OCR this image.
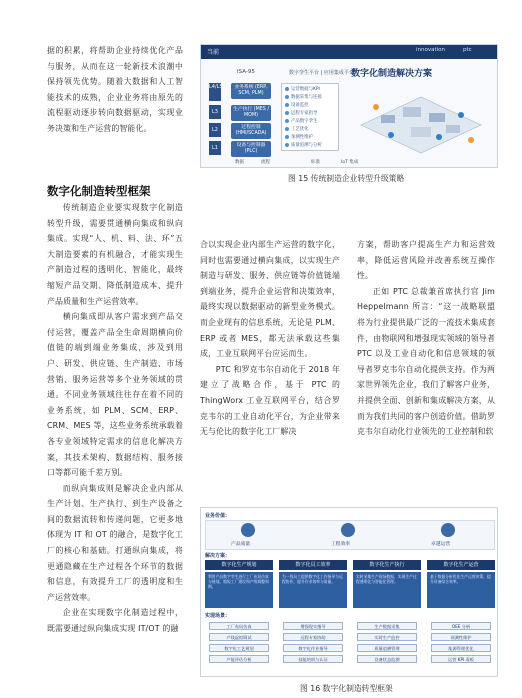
据的积累，将帮助企业持续优化产品与服务，从而在这一轮新技术浪潮中保持领先优势。随着大数据和人工智能技术的成熟，企业业务将由原先的流程驱动逐步转向数据驱动，实现业务决策和生产运营的智能化。

数字化制造转型框架

传统制造企业要实现数字化制造转型升级，需要贯通横向集成和纵向集成。实现“人、机、料、法、环”五大制造要素的有机融合，才能实现生产制造过程的透明化、智能化，最终缩短产品交期、降低制造成本、提升产品质量和生产运营效率。

横向集成即从客户需求到产品交付运营，覆盖产品全生命周期横向价值链的端到端业务集成，涉及到用户、研发、供应链、生产制造、市场营销、服务运营等多个业务领域的贯通。不同业务领域往往存在着不同的业务系统，如 PLM、SCM、ERP、CRM、MES 等，这些业务系统承载着各专业领域特定需求的信息化解决方案，其技术架构、数据结构、服务接口等都可能千差万别。

而纵向集成则是解决企业内部从生产计划、生产执行、到生产设备之间的数据流转和传递问题，它更多地体现为 IT 和 OT 的融合，是数字化工厂的核心和基础。打通纵向集成，将更通隐藏在生产过程各个环节的数据和信息，有效提升工厂的透明度和生产运营效率。

企业在实现数字化制造过程中，既需要通过纵向集成实现 IT/OT 的融

合以实现企业内部生产运营的数字化，同时也需要通过横向集成，以实现生产制造与研发、服务、供应链等价值链端到端业务，提升企业运营和决策效率，最终实现以数据驱动的新型业务模式。而企业现有的信息系统，无论是 PLM、ERP 或者 MES，都无法承载这些集成，工业互联网平台应运而生。

PTC 和罗克韦尔自动化于 2018 年建立了战略合作，基于 PTC 的 ThingWorx 工业互联网平台，结合罗克韦尔的工业自动化平台，为企业带来无与伦比的数字化工厂解决

方案，帮助客户提高生产力和运营效率，降低运营风险并改善系统互操作性。

正如 PTC 总裁兼首席执行官 Jim Heppelmann 所言：“这一战略联盟将为行业提供最广泛的一流技术集成套件，由物联网和增强现实领域的领导者 PTC 以及工业自动化和信息领域的领导者罗克韦尔自动化提供支持。作为两家世界领先企业，我们了解客户业务，并提供全面、创新和集成解决方案，从而为我们共同的客户创造价值。借助罗克韦尔自动化行业领先的工业控制和软

当前	innovation	ptc
ISA-95	数字孪生平台 | 应用集成平台
数字化制造解决方案
L4/L5	业务系统 (ERP, SCM, PLM)
L3	生产执行 (MES / MOM)
L2	过程控制 (HMI/SCADA)
L1	设备与控制器 (PLC)
运营数据与KPI
数据采集与连接
设备监控
远程专家指导
产品数字孪生
工艺优化
预测性维护
质量追溯与分析
数据	流程	标准	IoT 集成
图 15 传统制造企业转型升级策略
业务价值：
产品质量	工程效率	卓越运营
解决方案：
数字化生产规划
利用产品数字孪生进行工厂布局仿真与规划，缩短工厂建设和产线调整周期。
数字化员工效率
为一线员工提供数字化工作指导与远程协作，提升作业效率与质量。
数字化生产执行
实时采集生产现场数据，实现生产过程透明化与智能化管理。
数字化生产运营
基于数据分析优化生产运营决策，提升设备综合效率。
实现场景：
工厂布局仿真
产线虚拟调试
数字化工艺规划
产能评估分析
增强现实指导
远程专家协助
数字化作业指导
技能培训与认证
生产数据采集
实时生产监控
质量追溯管理
设备状态监测
OEE 分析
预测性维护
能源管理优化
运营 KPI 看板
图 16 数字化制造转型框架
